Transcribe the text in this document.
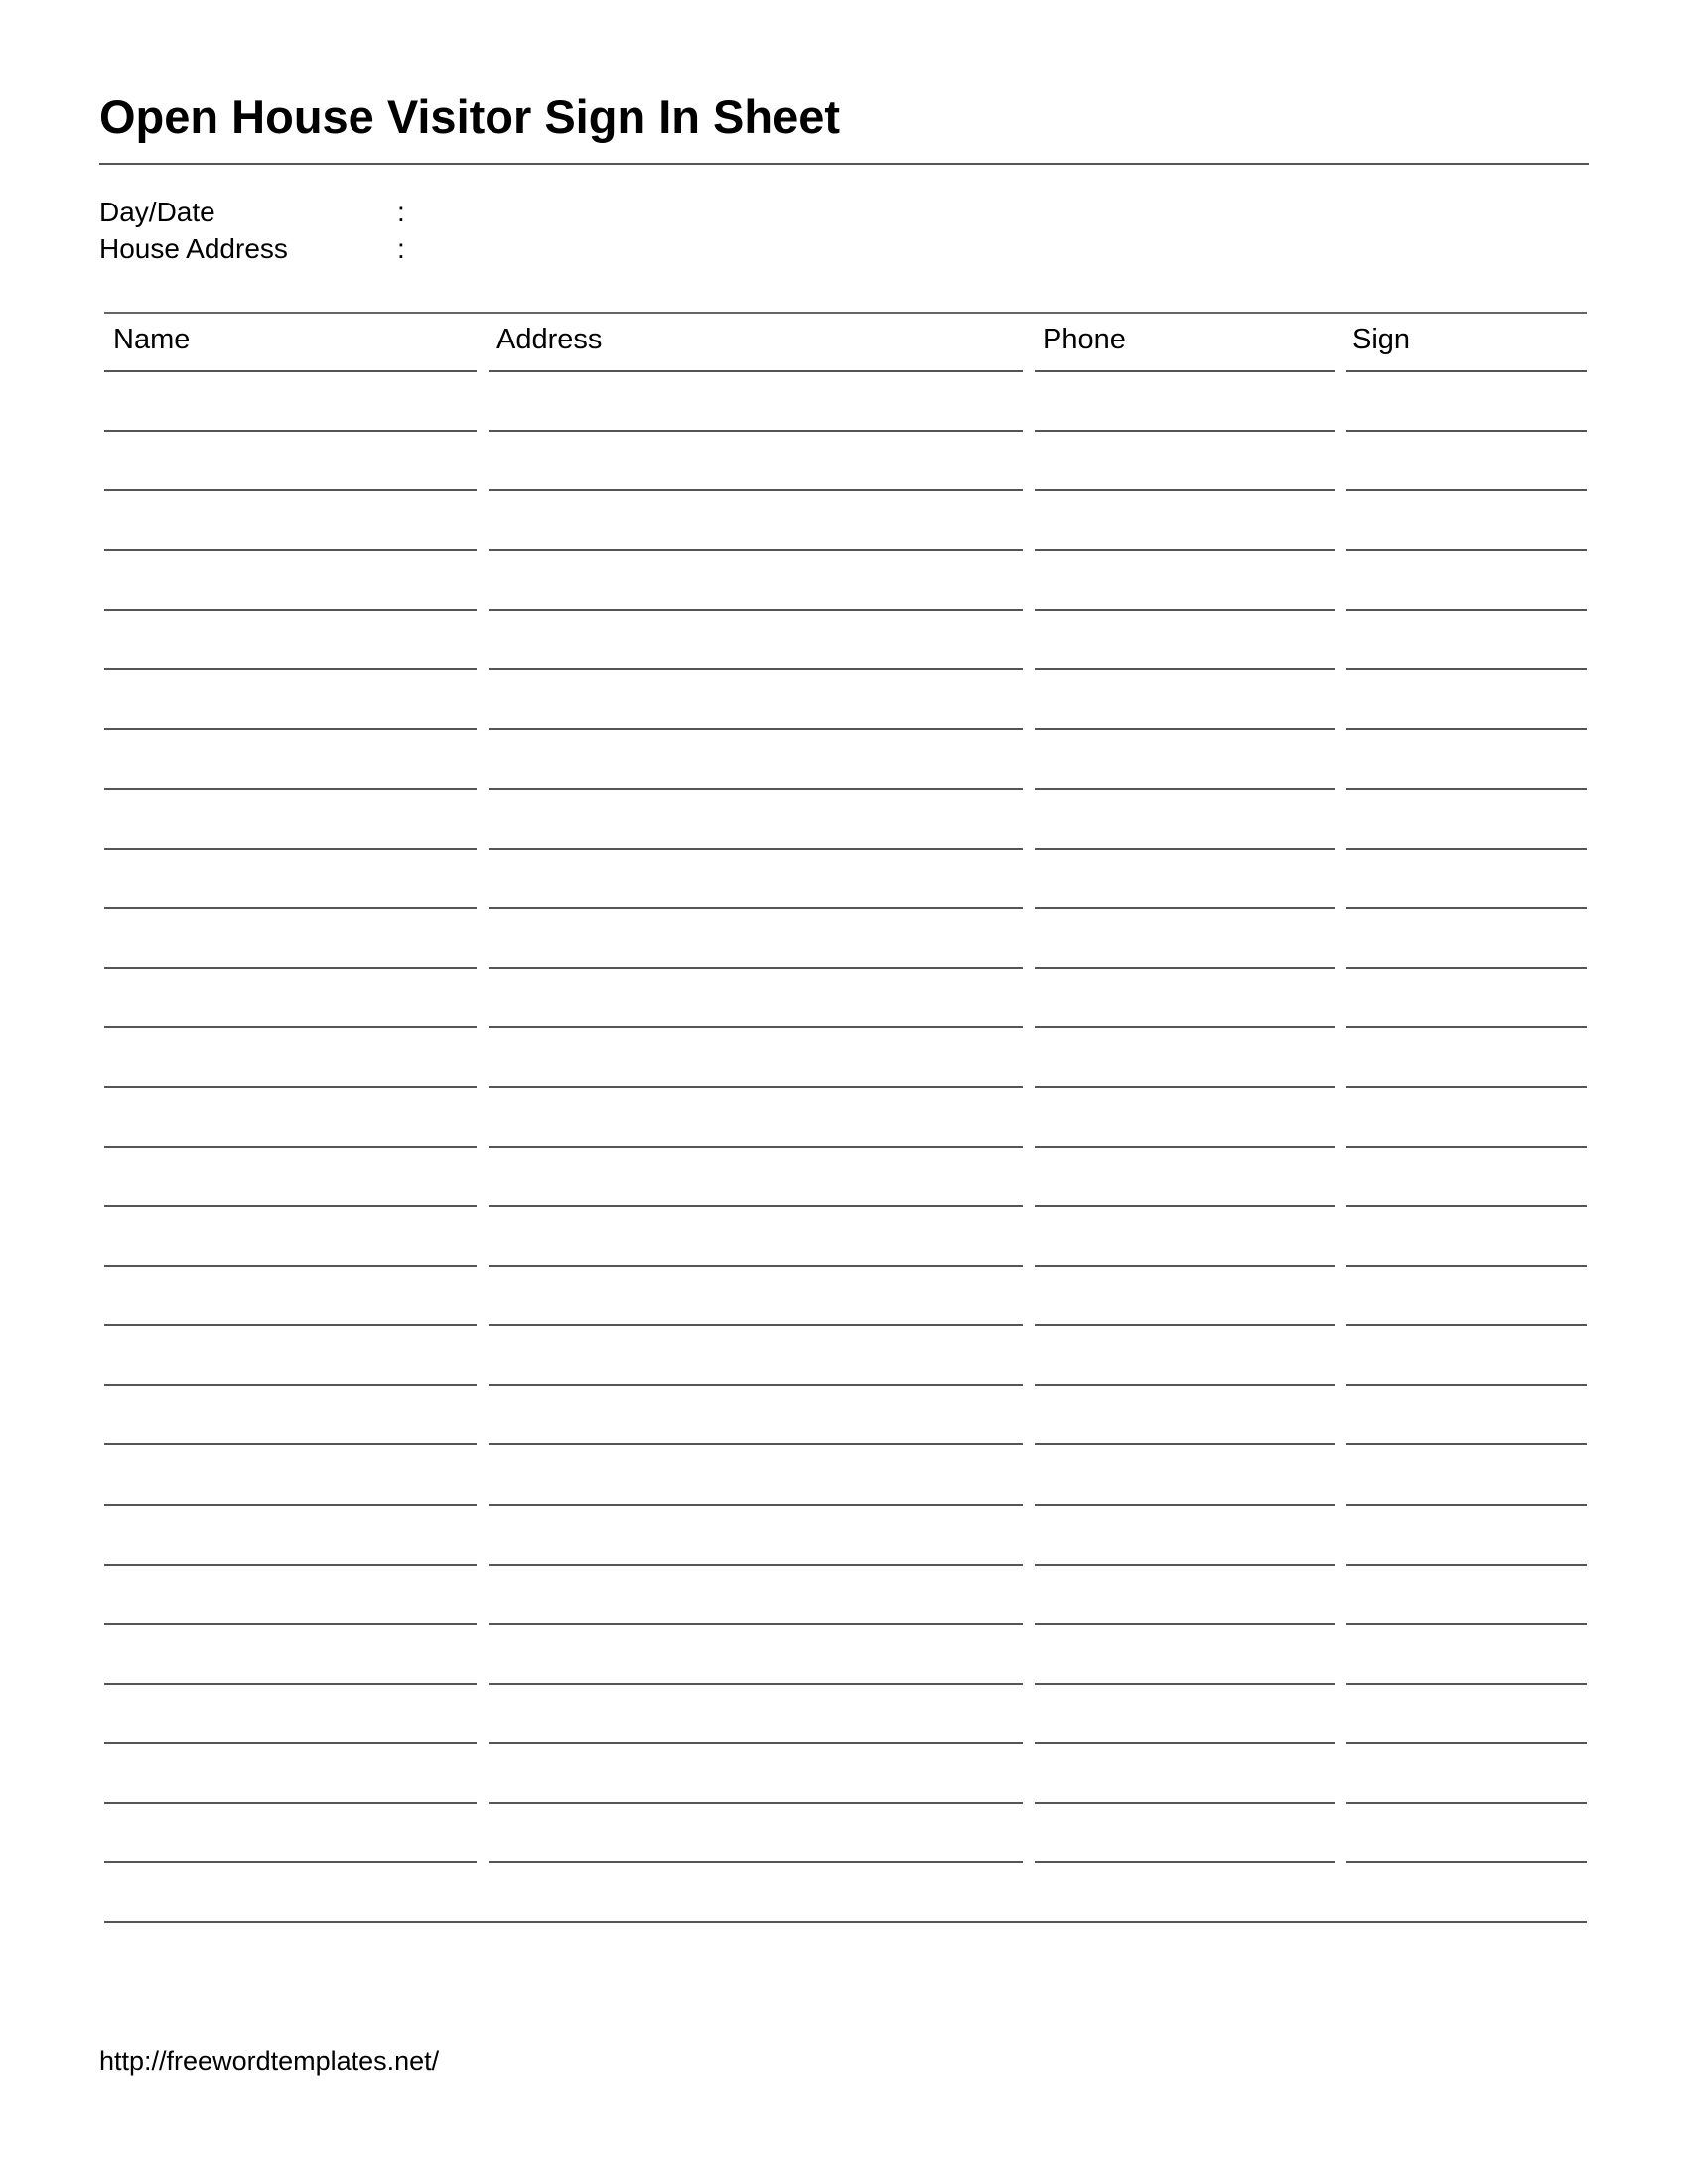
Open House Visitor Sign In Sheet
Day/Date	:
House Address	:
Name	Address	Phone	Sign
http://freewordtemplates.net/
